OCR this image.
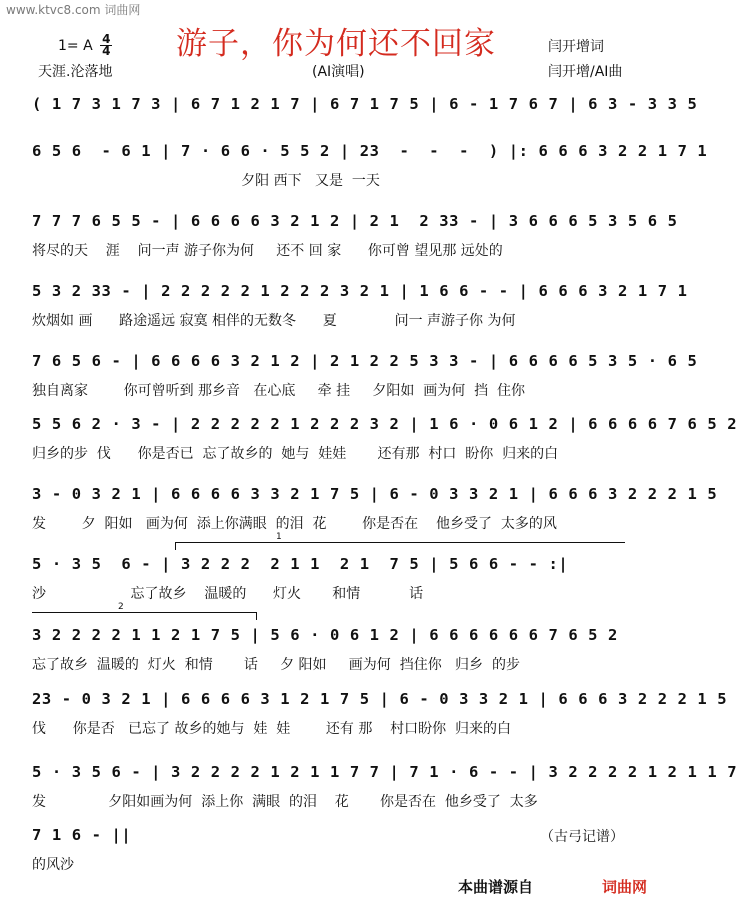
www.ktvc8.com 词曲网
1= A $\frac{4}{4}$ 游子，你为何还不回家	闫开增词
天涯.沦落地	(AI演唱)	闫开增/AI曲
( 1 7 3 1 7 3 | 6 7 1 2 1 7 | 6 7 1 7 5 | 6 - 1 7 6 7 | 6 3 - 3 3 5
6 5 6  - 6 1 | 7 · 6 6 · 5 5 2 | 23  -  -  -  ) |: 6 6 6 3 2 2 1 7 1
夕阳 西下   又是  一天
7 7 7 6 5 5 - | 6 6 6 6 3 2 1 2 | 2 1  2 33 - | 3 6 6 6 5 3 5 6 5
将尽的天    涯    问一声 游子你为何     还不 回 家      你可曾 望见那 远处的
5 3 2 33 - | 2 2 2 2 2 1 2 2 2 3 2 1 | 1 6 6 - - | 6 6 6 3 2 1 7 1
炊烟如 画      路途遥远 寂寞 相伴的无数冬      夏             问一 声游子你 为何
7 6 5 6 - | 6 6 6 6 3 2 1 2 | 2 1 2 2 5 3 3 - | 6 6 6 6 5 3 5 · 6 5
独自离家        你可曾听到 那乡音   在心底     牵 挂     夕阳如  画为何  挡  住你
5 5 6 2 · 3 - | 2 2 2 2 2 1 2 2 2 3 2 | 1 6 · 0 6 1 2 | 6 6 6 6 7 6 5 2
归乡的步  伐      你是否已  忘了故乡的  她与  娃娃       还有那  村口  盼你  归来的白
3 - 0 3 2 1 | 6 6 6 6 3 3 2 1 7 5 | 6 - 0 3 3 2 1 | 6 6 6 3 2 2 2 1 5
发        夕  阳如   画为何  添上你满眼  的泪  花        你是否在    他乡受了  太多的风
5 · 3 5  6 - | 3 2 2 2  2 1 1  2 1  7 5 | 5 6 6 - - :|
沙                   忘了故乡    温暖的      灯火       和情           话
3 2 2 2 2 1 1 2 1 7 5 | 5 6 · 0 6 1 2 | 6 6 6 6 6 6 7 6 5 2
忘了故乡  温暖的  灯火  和情       话     夕 阳如     画为何  挡住你   归乡  的步
23 - 0 3 2 1 | 6 6 6 6 3 1 2 1 7 5 | 6 - 0 3 3 2 1 | 6 6 6 3 2 2 2 1 5
伐      你是否   已忘了 故乡的她与  娃  娃        还有 那    村口盼你  归来的白
5 · 3 5 6 - | 3 2 2 2 2 1 2 1 1 7 7 | 7 1 · 6 - - | 3 2 2 2 2 1 2 1 1 7
发              夕阳如画为何  添上你  满眼  的泪    花       你是否在  他乡受了  太多
7 1 6 - ||
的风沙
1
2
（古弓记谱）
本曲谱源自	词曲网
